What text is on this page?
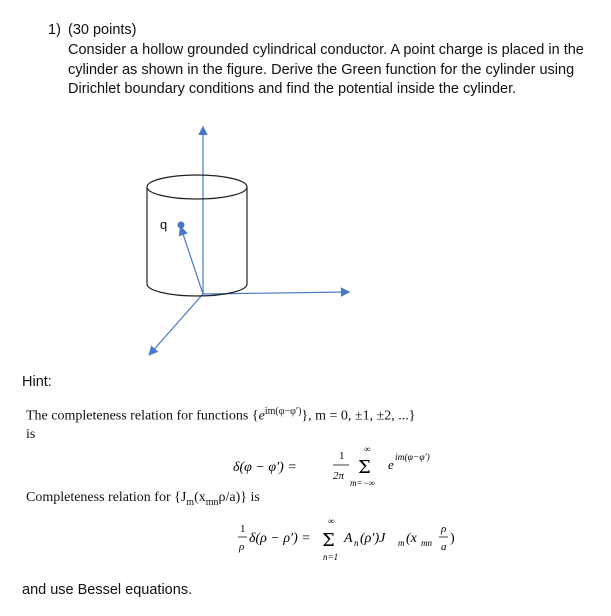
1) (30 points)
Consider a hollow grounded cylindrical conductor. A point charge is placed in the
cylinder as shown in the figure. Derive the Green function for the cylinder using
Dirichlet boundary conditions and find the potential inside the cylinder.
q
Hint:
The completeness relation for functions $\{e^{im(\varphi-\varphi')}\}$, m = 0, ±1, ±2, ...}
is
δ(φ − φ′) =
1
2π
∞
Σ
m=−∞
e im(φ−φ′)
Completeness relation for $\{J_m(x_{mn}\rho/a)\}$ is
1
ρ
δ(ρ − ρ′) =
∞
Σ
n=1
A n (ρ′)J m (x mn
ρ
a
)
and use Bessel equations.
